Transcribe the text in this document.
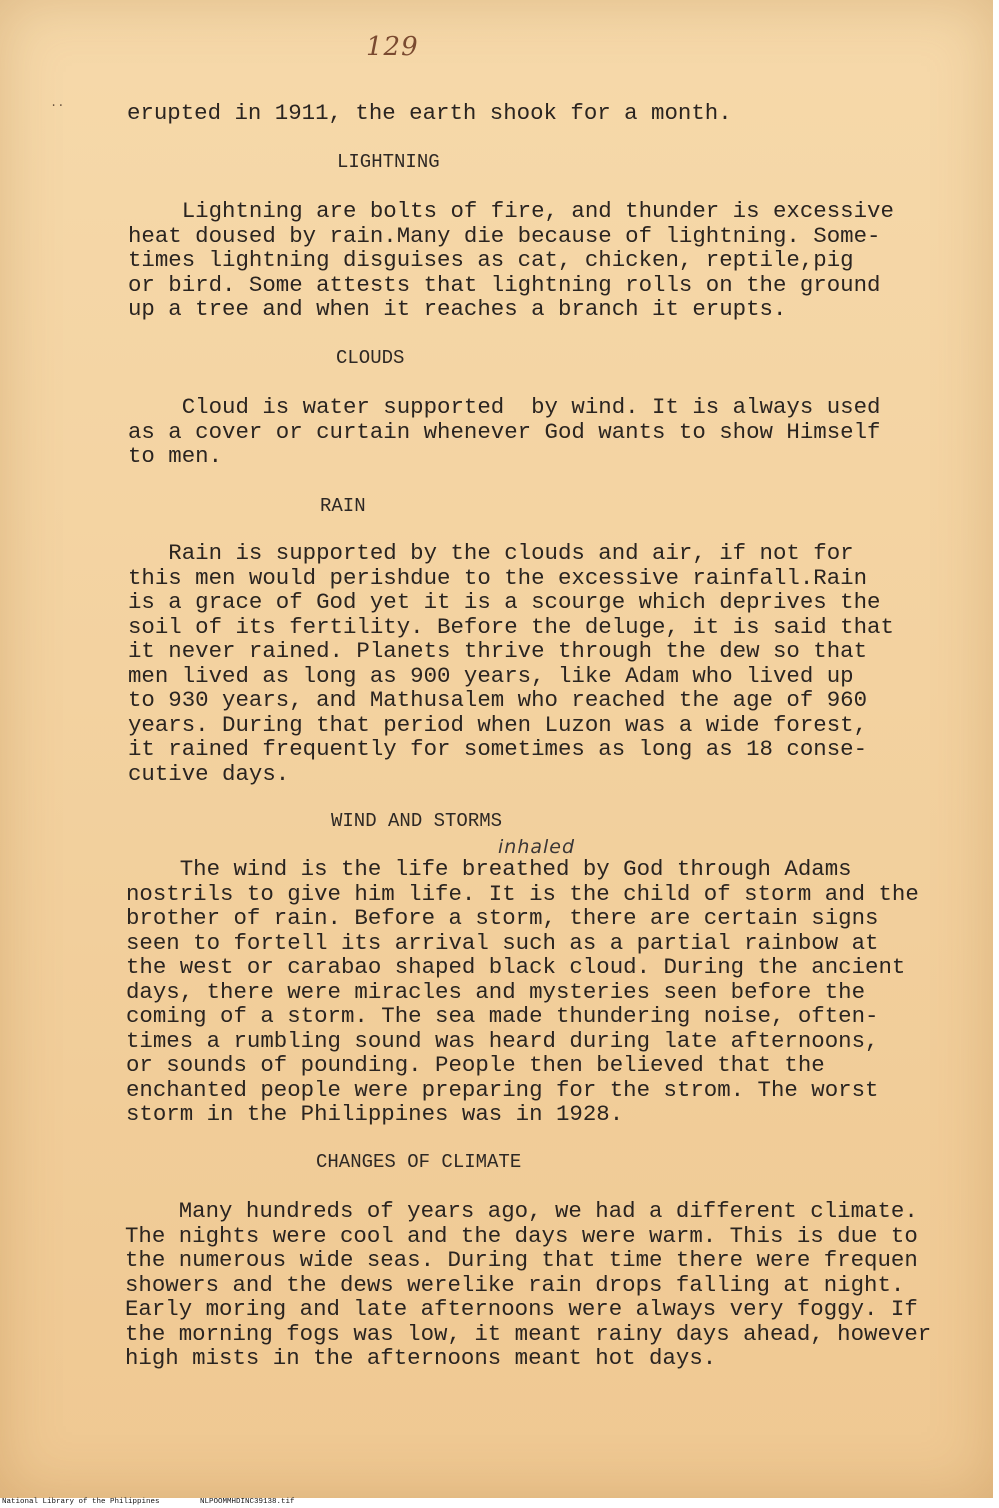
129
..	erupted in 1911, the earth shook for a month.

LIGHTNING

Lightning are bolts of fire, and thunder is excessive
heat doused by rain.Many die because of lightning. Some-
times lightning disguises as cat, chicken, reptile,pig
or bird. Some attests that lightning rolls on the ground
up a tree and when it reaches a branch it erupts.

CLOUDS

Cloud is water supported  by wind. It is always used
as a cover or curtain whenever God wants to show Himself
to men.

RAIN

Rain is supported by the clouds and air, if not for
this men would perishdue to the excessive rainfall.Rain
is a grace of God yet it is a scourge which deprives the
soil of its fertility. Before the deluge, it is said that
it never rained. Planets thrive through the dew so that
men lived as long as 900 years, like Adam who lived up
to 930 years, and Mathusalem who reached the age of 960
years. During that period when Luzon was a wide forest,
it rained frequently for sometimes as long as 18 conse-
cutive days.

WIND AND STORMS

inhaled

The wind is the life breathed by God through Adams
nostrils to give him life. It is the child of storm and the
brother of rain. Before a storm, there are certain signs
seen to fortell its arrival such as a partial rainbow at
the west or carabao shaped black cloud. During the ancient
days, there were miracles and mysteries seen before the
coming of a storm. The sea made thundering noise, often-
times a rumbling sound was heard during late afternoons,
or sounds of pounding. People then believed that the
enchanted people were preparing for the strom. The worst
storm in the Philippines was in 1928.

CHANGES OF CLIMATE

Many hundreds of years ago, we had a different climate.
The nights were cool and the days were warm. This is due to
the numerous wide seas. During that time there were frequen
showers and the dews werelike rain drops falling at night.
Early moring and late afternoons were always very foggy. If
the morning fogs was low, it meant rainy days ahead, however
high mists in the afternoons meant hot days.

National Library of the Philippines	NLPOOMMHDINC39138.tif
